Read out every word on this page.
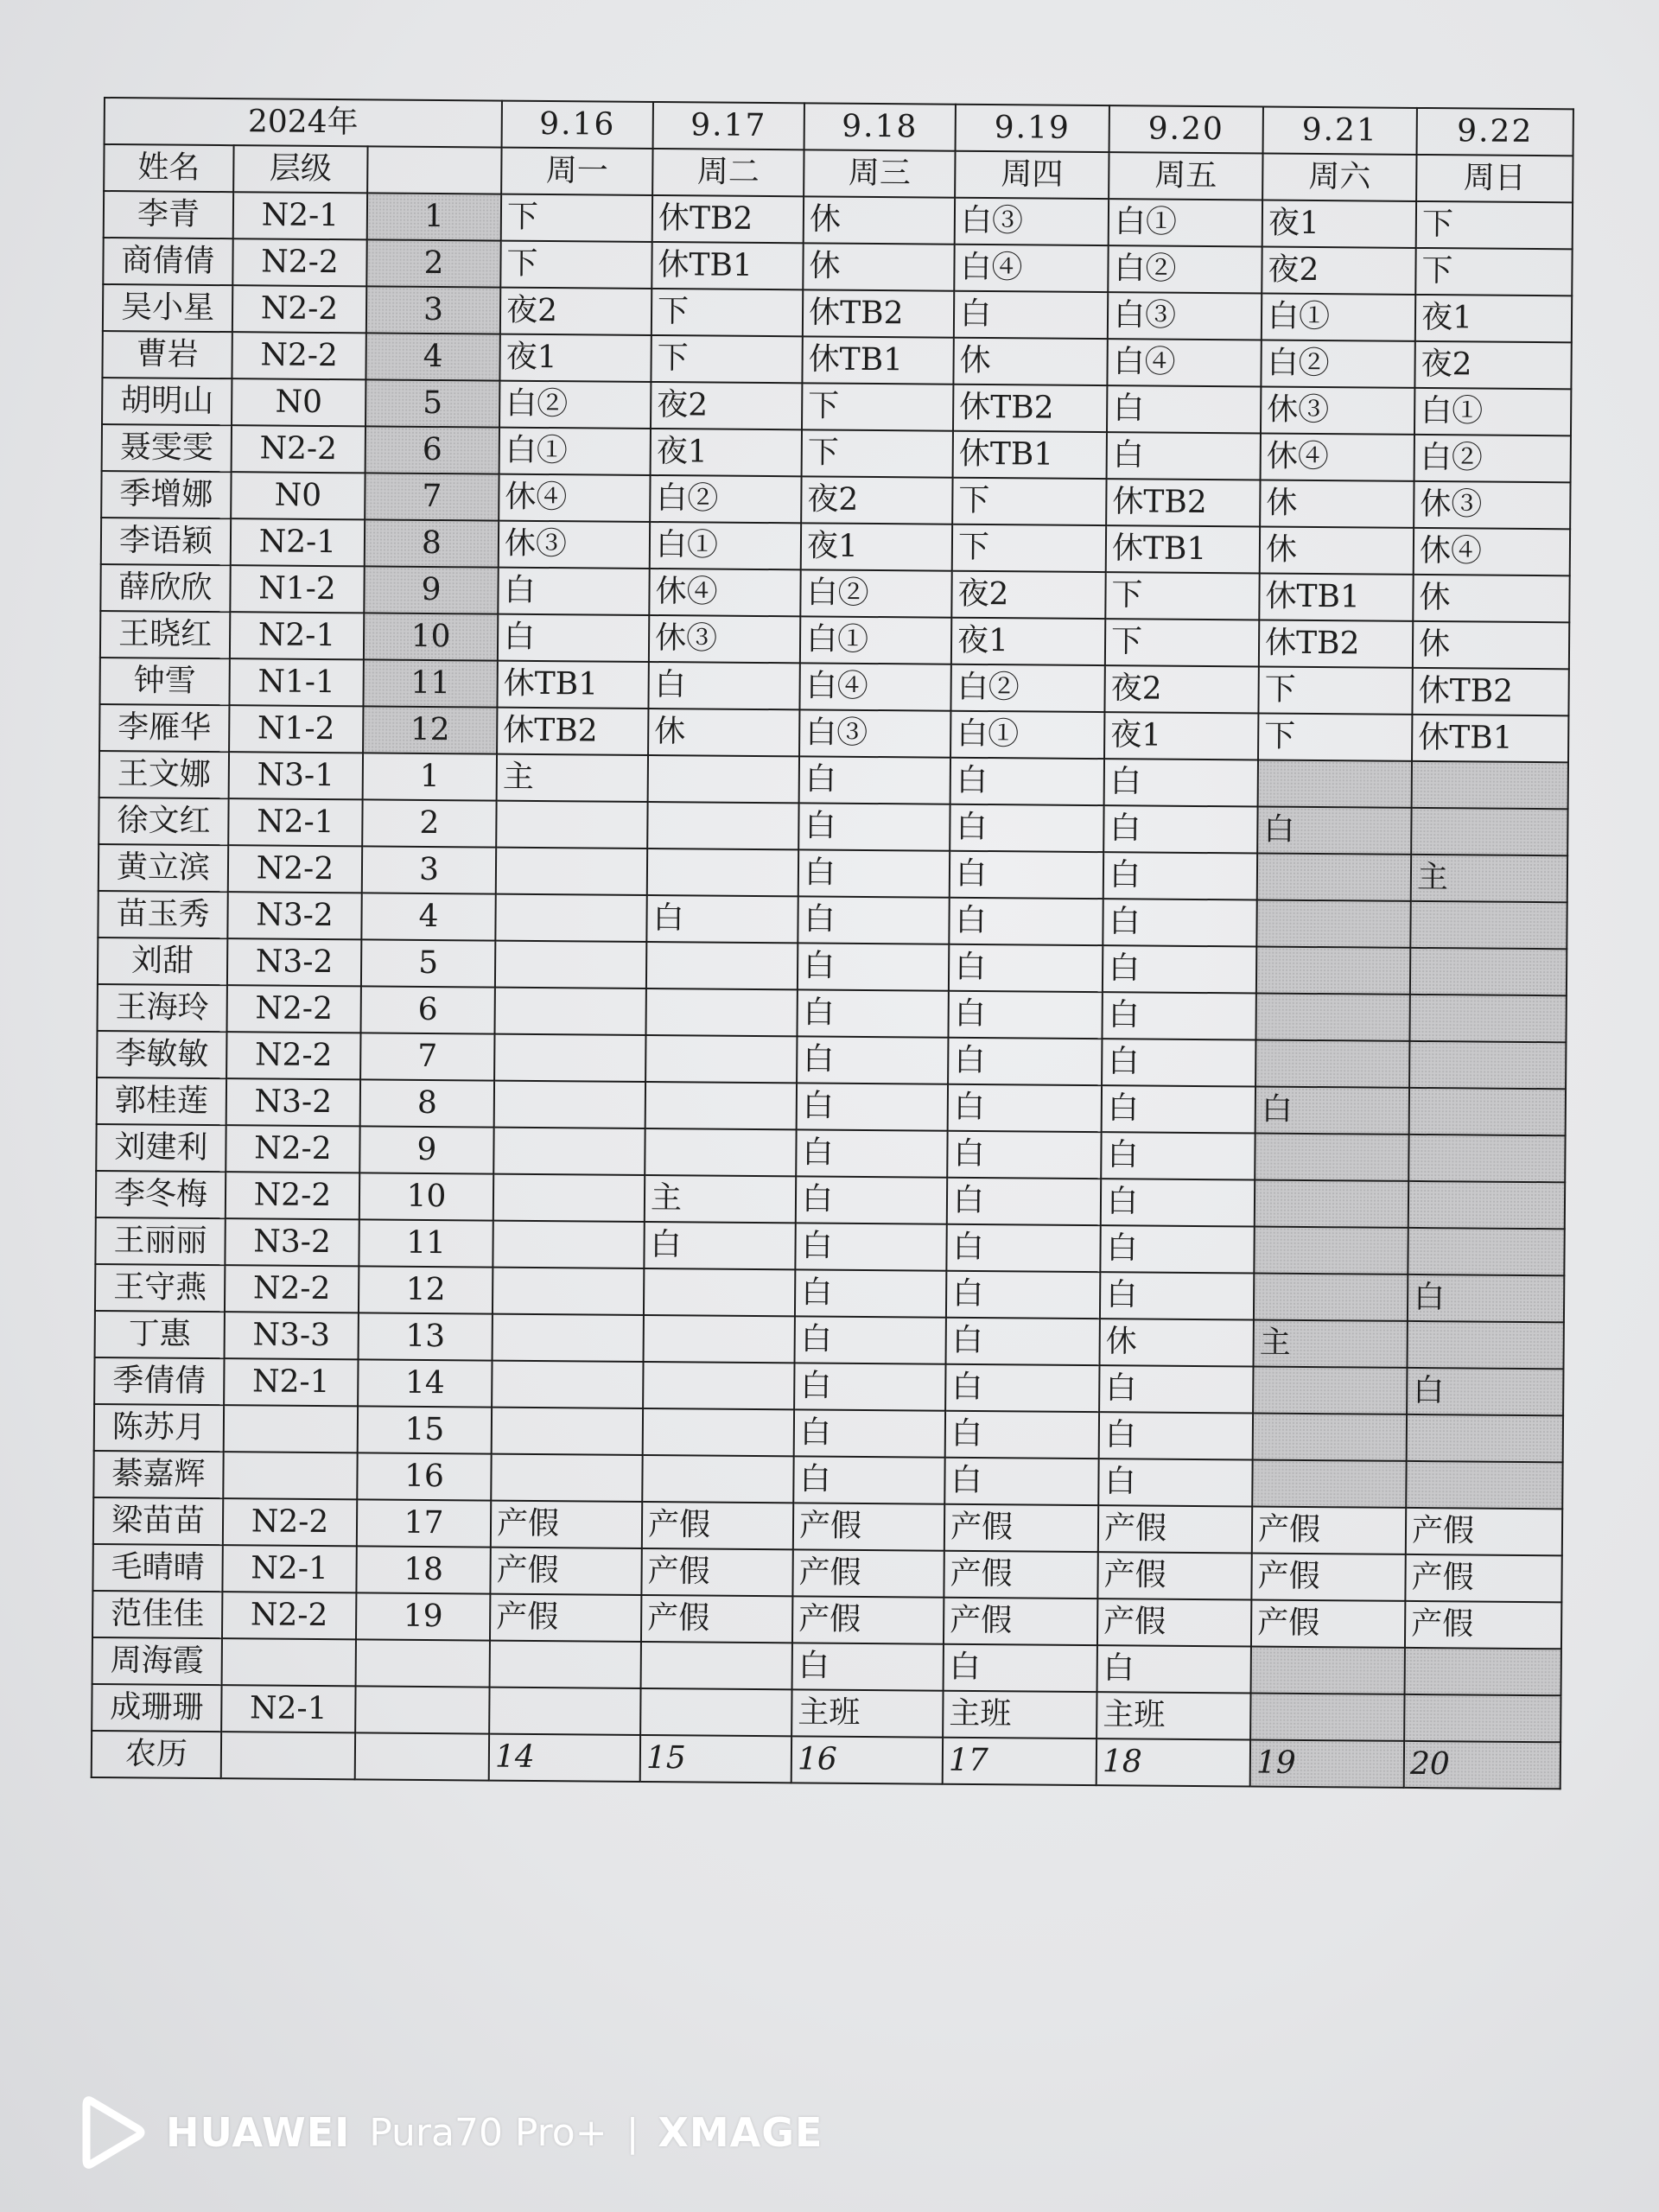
2024年			9.16	9.17	9.18	9.19	9.20	9.21	9.22
姓名	层级		周一	周二	周三	周四	周五	周六	周日
李青	N2-1	1	下	休TB2	休	白③	白①	夜1	下
商倩倩	N2-2	2	下	休TB1	休	白④	白②	夜2	下
吴小星	N2-2	3	夜2	下	休TB2	白	白③	白①	夜1
曹岩	N2-2	4	夜1	下	休TB1	休	白④	白②	夜2
胡明山	N0	5	白②	夜2	下	休TB2	白	休③	白①
聂雯雯	N2-2	6	白①	夜1	下	休TB1	白	休④	白②
季增娜	N0	7	休④	白②	夜2	下	休TB2	休	休③
李语颖	N2-1	8	休③	白①	夜1	下	休TB1	休	休④
薛欣欣	N1-2	9	白	休④	白②	夜2	下	休TB1	休
王晓红	N2-1	10	白	休③	白①	夜1	下	休TB2	休
钟雪	N1-1	11	休TB1	白	白④	白②	夜2	下	休TB2
李雁华	N1-2	12	休TB2	休	白③	白①	夜1	下	休TB1
王文娜	N3-1	1	主		白	白	白		
徐文红	N2-1	2			白	白	白	白	
黄立滨	N2-2	3			白	白	白		主
苗玉秀	N3-2	4		白	白	白	白		
刘甜	N3-2	5			白	白	白		
王海玲	N2-2	6			白	白	白		
李敏敏	N2-2	7			白	白	白		
郭桂莲	N3-2	8			白	白	白	白	
刘建利	N2-2	9			白	白	白		
李冬梅	N2-2	10		主	白	白	白		
王丽丽	N3-2	11		白	白	白	白		
王守燕	N2-2	12			白	白	白		白
丁惠	N3-3	13			白	白	休	主	
季倩倩	N2-1	14			白	白	白		白
陈苏月		15			白	白	白		
綦嘉辉		16			白	白	白		
梁苗苗	N2-2	17	产假	产假	产假	产假	产假	产假	产假
毛晴晴	N2-1	18	产假	产假	产假	产假	产假	产假	产假
范佳佳	N2-2	19	产假	产假	产假	产假	产假	产假	产假
周海霞					白	白	白		
成珊珊	N2-1				主班	主班	主班		
农历			14	15	16	17	18	19	20
HUAWEI Pura70 Pro+ | XMAGE
